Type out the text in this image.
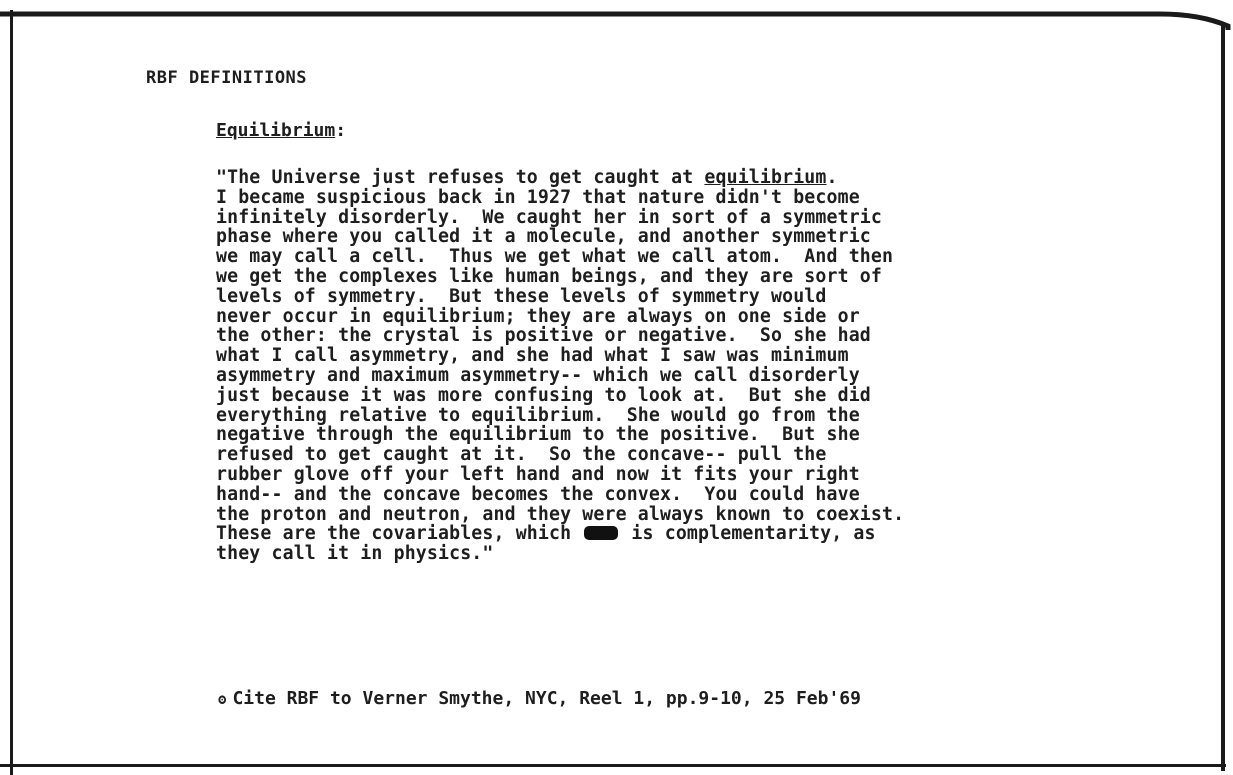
RBF DEFINITIONS
Equilibrium:
"The Universe just refuses to get caught at equilibrium.
I became suspicious back in 1927 that nature didn't become
infinitely disorderly.  We caught her in sort of a symmetric
phase where you called it a molecule, and another symmetric
we may call a cell.  Thus we get what we call atom.  And then
we get the complexes like human beings, and they are sort of
levels of symmetry.  But these levels of symmetry would
never occur in equilibrium; they are always on one side or
the other: the crystal is positive or negative.  So she had
what I call asymmetry, and she had what I saw was minimum
asymmetry and maximum asymmetry-- which we call disorderly
just because it was more confusing to look at.  But she did
everything relative to equilibrium.  She would go from the
negative through the equilibrium to the positive.  But she
refused to get caught at it.  So the concave-- pull the
rubber glove off your left hand and now it fits your right
hand-- and the concave becomes the convex.  You could have
the proton and neutron, and they were always known to coexist.
These are the covariables, which	is complementarity, as
they call it in physics."
ʘ Cite RBF to Verner Smythe, NYC, Reel 1, pp.9-10, 25 Feb'69
